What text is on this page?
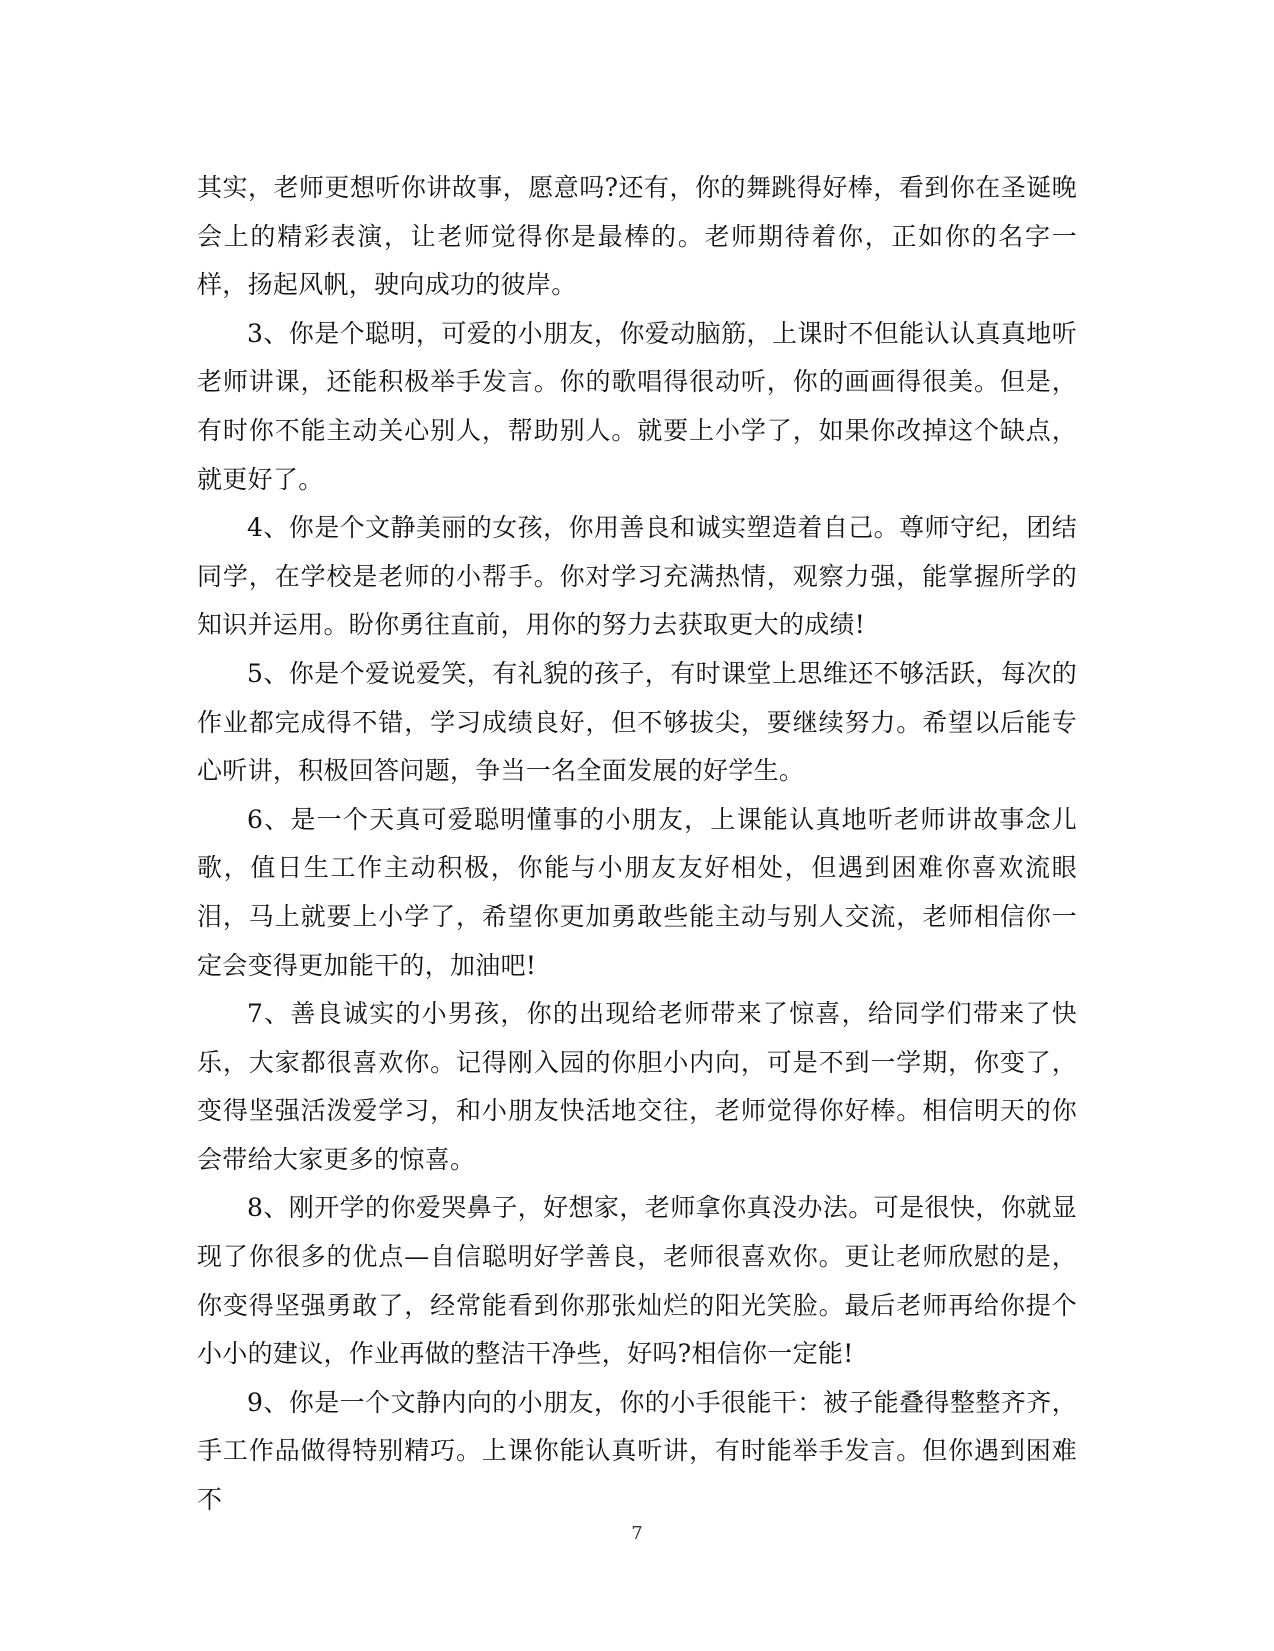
其实，老师更想听你讲故事，愿意吗?还有，你的舞跳得好棒，看到你在圣诞晚会上的精彩表演，让老师觉得你是最棒的。老师期待着你，正如你的名字一样，扬起风帆，驶向成功的彼岸。

3、你是个聪明，可爱的小朋友，你爱动脑筋，上课时不但能认认真真地听老师讲课，还能积极举手发言。你的歌唱得很动听，你的画画得很美。但是，有时你不能主动关心别人，帮助别人。就要上小学了，如果你改掉这个缺点，就更好了。

4、你是个文静美丽的女孩，你用善良和诚实塑造着自己。尊师守纪，团结同学，在学校是老师的小帮手。你对学习充满热情，观察力强，能掌握所学的知识并运用。盼你勇往直前，用你的努力去获取更大的成绩!

5、你是个爱说爱笑，有礼貌的孩子，有时课堂上思维还不够活跃，每次的作业都完成得不错，学习成绩良好，但不够拔尖，要继续努力。希望以后能专心听讲，积极回答问题，争当一名全面发展的好学生。

6、是一个天真可爱聪明懂事的小朋友，上课能认真地听老师讲故事念儿歌，值日生工作主动积极，你能与小朋友友好相处，但遇到困难你喜欢流眼泪，马上就要上小学了，希望你更加勇敢些能主动与别人交流，老师相信你一定会变得更加能干的，加油吧!

7、善良诚实的小男孩，你的出现给老师带来了惊喜，给同学们带来了快乐，大家都很喜欢你。记得刚入园的你胆小内向，可是不到一学期，你变了，变得坚强活泼爱学习，和小朋友快活地交往，老师觉得你好棒。相信明天的你会带给大家更多的惊喜。

8、刚开学的你爱哭鼻子，好想家，老师拿你真没办法。可是很快，你就显现了你很多的优点—自信聪明好学善良，老师很喜欢你。更让老师欣慰的是，你变得坚强勇敢了，经常能看到你那张灿烂的阳光笑脸。最后老师再给你提个小小的建议，作业再做的整洁干净些，好吗?相信你一定能!

9、你是一个文静内向的小朋友，你的小手很能干：被子能叠得整整齐齐，手工作品做得特别精巧。上课你能认真听讲，有时能举手发言。但你遇到困难不

7
